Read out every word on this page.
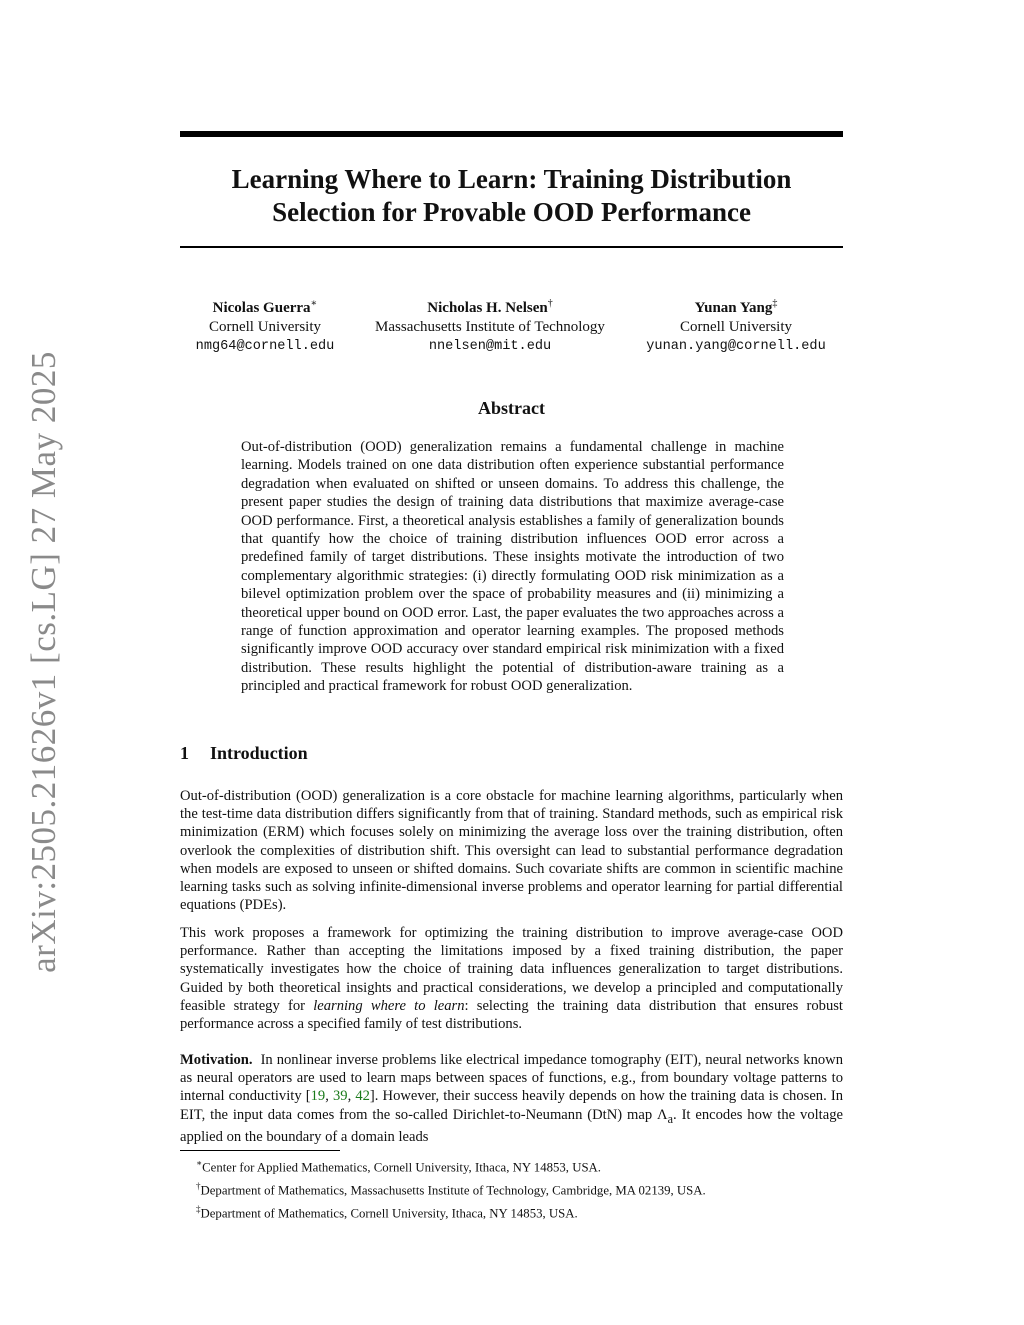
arXiv:2505.21626v1 [cs.LG] 27 May 2025
Learning Where to Learn: Training Distribution
Selection for Provable OOD Performance
Nicolas Guerra∗
Cornell University
nmg64@cornell.edu
Nicholas H. Nelsen†
Massachusetts Institute of Technology
nnelsen@mit.edu
Yunan Yang‡
Cornell University
yunan.yang@cornell.edu
Abstract
Out-of-distribution (OOD) generalization remains a fundamental challenge in machine learning. Models trained on one data distribution often experience substantial performance degradation when evaluated on shifted or unseen domains. To address this challenge, the present paper studies the design of training data distributions that maximize average-case OOD performance. First, a theoretical analysis establishes a family of generalization bounds that quantify how the choice of training distribution influences OOD error across a predefined family of target distributions. These insights motivate the introduction of two complementary algorithmic strategies: (i) directly formulating OOD risk minimization as a bilevel optimization problem over the space of probability measures and (ii) minimizing a theoretical upper bound on OOD error. Last, the paper evaluates the two approaches across a range of function approximation and operator learning examples. The proposed methods significantly improve OOD accuracy over standard empirical risk minimization with a fixed distribution. These results highlight the potential of distribution-aware training as a principled and practical framework for robust OOD generalization.
1 Introduction
Out-of-distribution (OOD) generalization is a core obstacle for machine learning algorithms, particularly when the test-time data distribution differs significantly from that of training. Standard methods, such as empirical risk minimization (ERM) which focuses solely on minimizing the average loss over the training distribution, often overlook the complexities of distribution shift. This oversight can lead to substantial performance degradation when models are exposed to unseen or shifted domains. Such covariate shifts are common in scientific machine learning tasks such as solving infinite-dimensional inverse problems and operator learning for partial differential equations (PDEs).
This work proposes a framework for optimizing the training distribution to improve average-case OOD performance. Rather than accepting the limitations imposed by a fixed training distribution, the paper systematically investigates how the choice of training data influences generalization to target distributions. Guided by both theoretical insights and practical considerations, we develop a principled and computationally feasible strategy for learning where to learn: selecting the training data distribution that ensures robust performance across a specified family of test distributions.
Motivation. In nonlinear inverse problems like electrical impedance tomography (EIT), neural networks known as neural operators are used to learn maps between spaces of functions, e.g., from boundary voltage patterns to internal conductivity [19, 39, 42]. However, their success heavily depends on how the training data is chosen. In EIT, the input data comes from the so-called Dirichlet-to-Neumann (DtN) map $\Lambda_a$. It encodes how the voltage applied on the boundary of a domain leads
∗Center for Applied Mathematics, Cornell University, Ithaca, NY 14853, USA.
†Department of Mathematics, Massachusetts Institute of Technology, Cambridge, MA 02139, USA.
‡Department of Mathematics, Cornell University, Ithaca, NY 14853, USA.
